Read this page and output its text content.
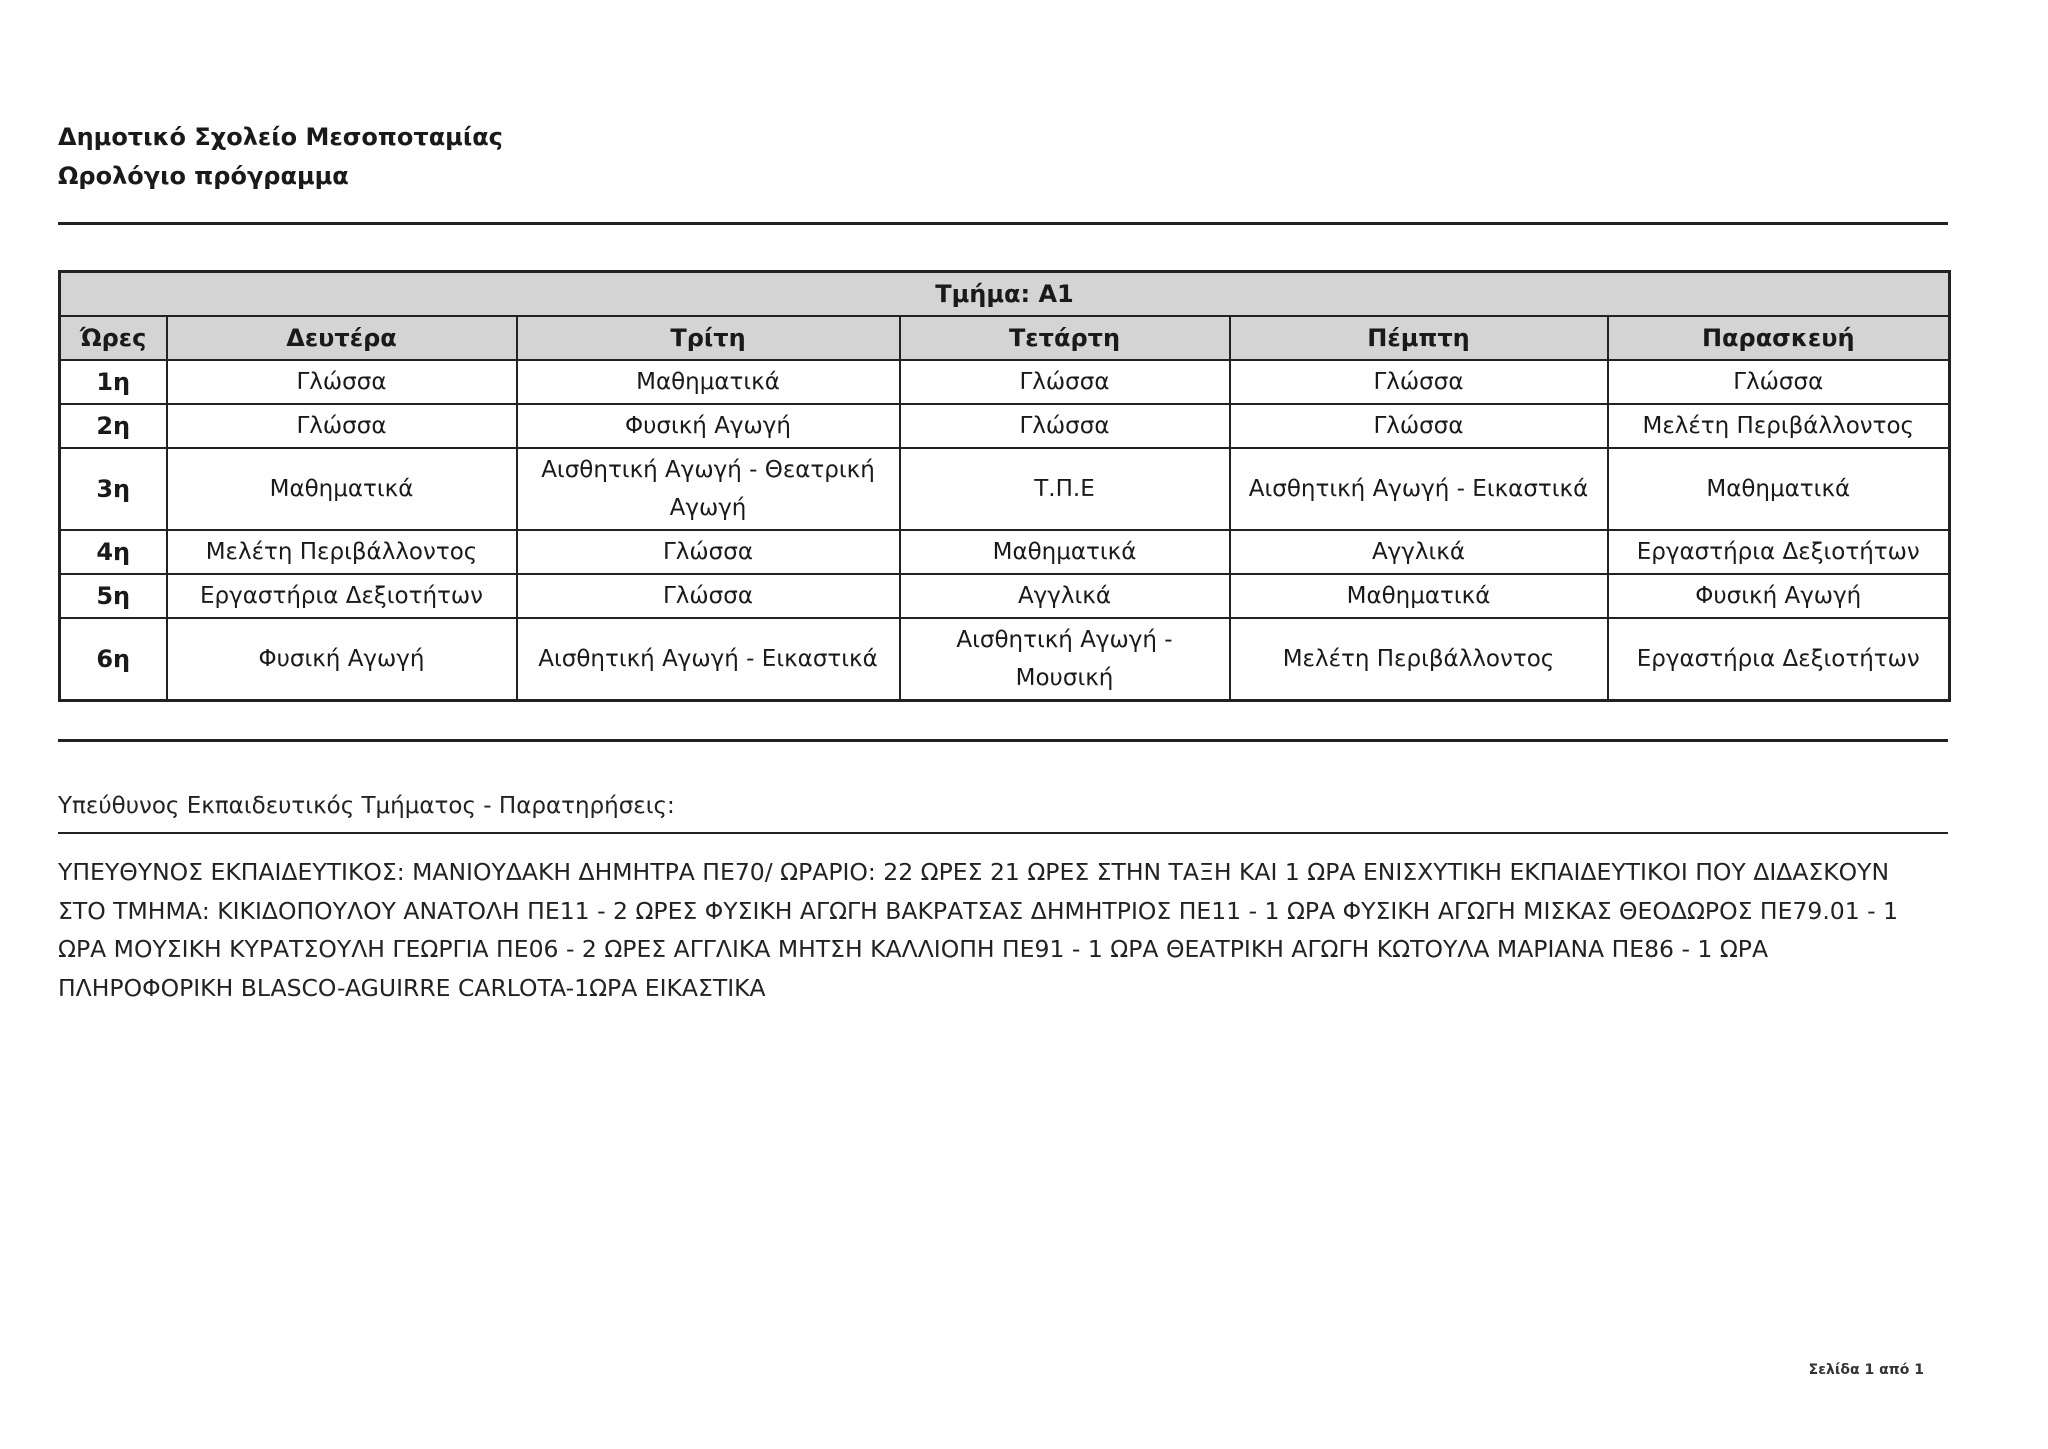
Δημοτικό Σχολείο Μεσοποταμίας
Ωρολόγιο πρόγραμμα
Τμήμα: Α1					
Ώρες	Δευτέρα	Τρίτη	Τετάρτη	Πέμπτη	Παρασκευή
1η	Γλώσσα	Μαθηματικά	Γλώσσα	Γλώσσα	Γλώσσα
2η	Γλώσσα	Φυσική Αγωγή	Γλώσσα	Γλώσσα	Μελέτη Περιβάλλοντος
3η	Μαθηματικά	Αισθητική Αγωγή - Θεατρική Αγωγή	Τ.Π.Ε	Αισθητική Αγωγή - Εικαστικά	Μαθηματικά
4η	Μελέτη Περιβάλλοντος	Γλώσσα	Μαθηματικά	Αγγλικά	Εργαστήρια Δεξιοτήτων
5η	Εργαστήρια Δεξιοτήτων	Γλώσσα	Αγγλικά	Μαθηματικά	Φυσική Αγωγή
6η	Φυσική Αγωγή	Αισθητική Αγωγή - Εικαστικά	Αισθητική Αγωγή - Μουσική	Μελέτη Περιβάλλοντος	Εργαστήρια Δεξιοτήτων
Υπεύθυνος Εκπαιδευτικός Τμήματος - Παρατηρήσεις:
ΥΠΕΥΘΥΝΟΣ ΕΚΠΑΙΔΕΥΤΙΚΟΣ: ΜΑΝΙΟΥΔΑΚΗ ΔΗΜΗΤΡΑ ΠΕ70/ ΩΡΑΡΙΟ: 22 ΩΡΕΣ 21 ΩΡΕΣ ΣΤΗΝ ΤΑΞΗ ΚΑΙ 1 ΩΡΑ ΕΝΙΣΧΥΤΙΚΗ ΕΚΠΑΙΔΕΥΤΙΚΟΙ ΠΟΥ ΔΙΔΑΣΚΟΥΝ ΣΤΟ ΤΜΗΜΑ: ΚΙΚΙΔΟΠΟΥΛΟΥ ΑΝΑΤΟΛΗ ΠΕ11 - 2 ΩΡΕΣ ΦΥΣΙΚΗ ΑΓΩΓΗ ΒΑΚΡΑΤΣΑΣ ΔΗΜΗΤΡΙΟΣ ΠΕ11 - 1 ΩΡΑ ΦΥΣΙΚΗ ΑΓΩΓΗ ΜΙΣΚΑΣ ΘΕΟΔΩΡΟΣ ΠΕ79.01 - 1 ΩΡΑ ΜΟΥΣΙΚΗ ΚΥΡΑΤΣΟΥΛΗ ΓΕΩΡΓΙΑ ΠΕ06 - 2 ΩΡΕΣ ΑΓΓΛΙΚΑ ΜΗΤΣΗ ΚΑΛΛΙΟΠΗ ΠΕ91 - 1 ΩΡΑ ΘΕΑΤΡΙΚΗ ΑΓΩΓΗ ΚΩΤΟΥΛΑ ΜΑΡΙΑΝΑ ΠΕ86 - 1 ΩΡΑ ΠΛΗΡΟΦΟΡΙΚΗ BLASCO-AGUIRRE CARLOTA-1ΩΡΑ ΕΙΚΑΣΤΙΚΑ
Σελίδα 1 από 1
